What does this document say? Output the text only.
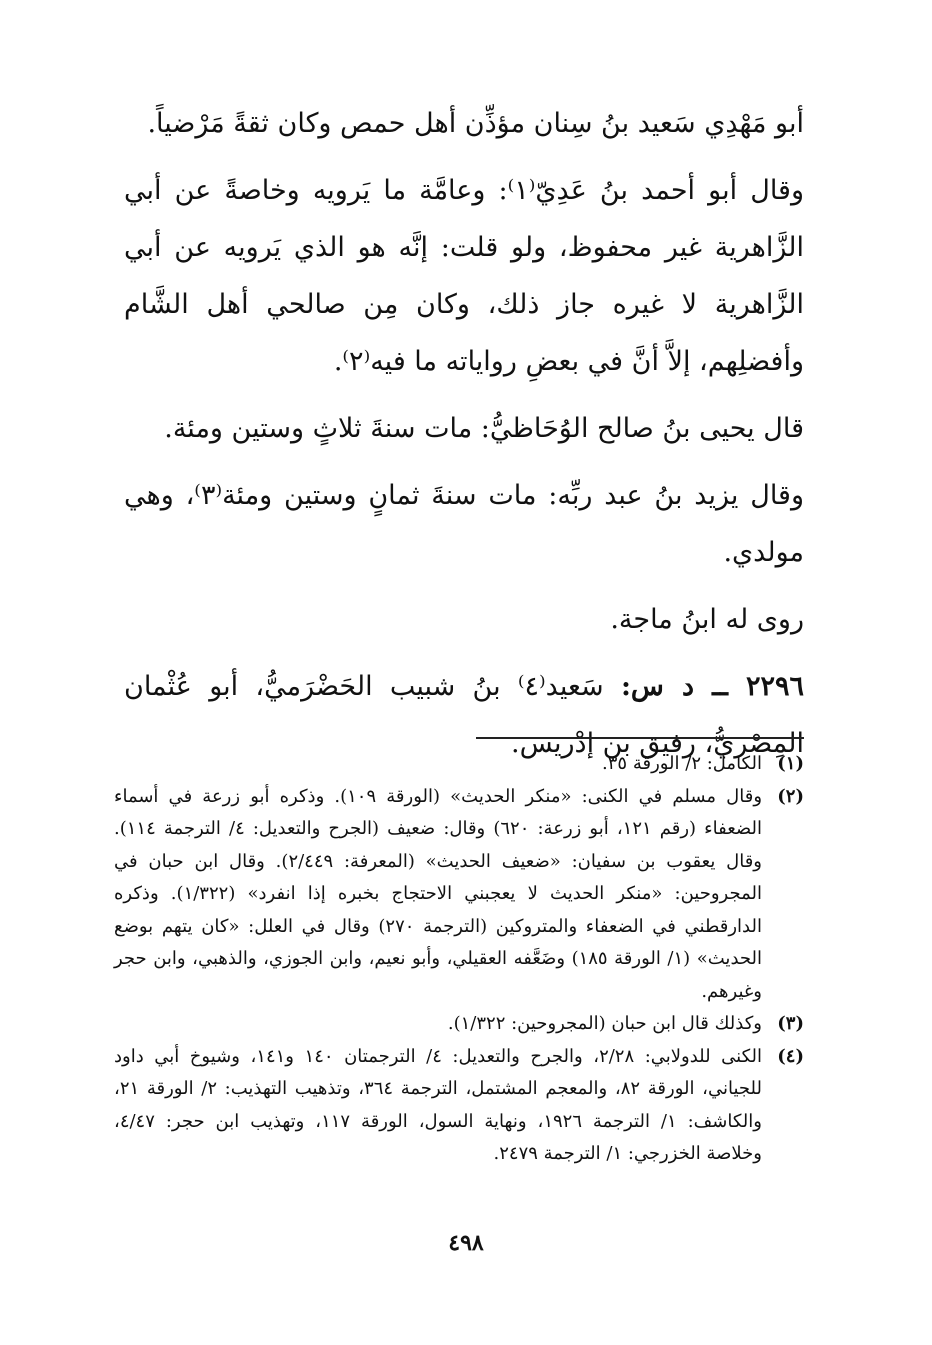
أبو مَهْدِي سَعيد بنُ سِنان مؤذِّن أهل حمص وكان ثقةً مَرْضياً.

وقال أبو أحمد بنُ عَدِيّ⁽١⁾: وعامَّة ما يَرويه وخاصةً عن أبي الزَّاهرية غير محفوظ، ولو قلت: إنَّه هو الذي يَرويه عن أبي الزَّاهرية لا غيره جاز ذلك، وكان مِن صالحي أهل الشَّام وأفضلِهم، إلاَّ أنَّ في بعضِ رواياته ما فيه⁽٢⁾.

قال يحيى بنُ صالح الوُحَاظيُّ: مات سنةَ ثلاثٍ وستين ومئة.

وقال يزيد بنُ عبد ربِّه: مات سنةَ ثمانٍ وستين ومئة⁽٣⁾، وهي مولدي.

روى له ابنُ ماجة.

٢٢٩٦ ــ د س: سَعيد⁽٤⁾ بنُ شبيب الحَضْرَميُّ، أبو عُثْمان المِصْريُّ، رفيق بن إدْريس.

(١)
الكامل: ٢/ الورقة ٣٥.
(٢)
وقال مسلم في الكنى: «منكر الحديث» (الورقة ١٠٩). وذكره أبو زرعة في أسماء الضعفاء (رقم ١٢١، أبو زرعة: ٦٢٠) وقال: ضعيف (الجرح والتعديل: ٤/ الترجمة ١١٤). وقال يعقوب بن سفيان: «ضعيف الحديث» (المعرفة: ٢/٤٤٩). وقال ابن حبان في المجروحين: «منكر الحديث لا يعجبني الاحتجاج بخبره إذا انفرد» (١/٣٢٢). وذكره الدارقطني في الضعفاء والمتروكين (الترجمة ٢٧٠) وقال في العلل: «كان يتهم بوضع الحديث» (١/ الورقة ١٨٥) وضَعَّفه العقيلي، وأبو نعيم، وابن الجوزي، والذهبي، وابن حجر وغيرهم.
(٣)
وكذلك قال ابن حبان (المجروحين: ١/٣٢٢).
(٤)
الكنى للدولابي: ٢/٢٨، والجرح والتعديل: ٤/ الترجمتان ١٤٠ و١٤١، وشيوخ أبي داود للجياني، الورقة ٨٢، والمعجم المشتمل، الترجمة ٣٦٤، وتذهيب التهذيب: ٢/ الورقة ٢١، والكاشف: ١/ الترجمة ١٩٢٦، ونهاية السول، الورقة ١١٧، وتهذيب ابن حجر: ٤/٤٧، وخلاصة الخزرجي: ١/ الترجمة ٢٤٧٩.
٤٩٨
